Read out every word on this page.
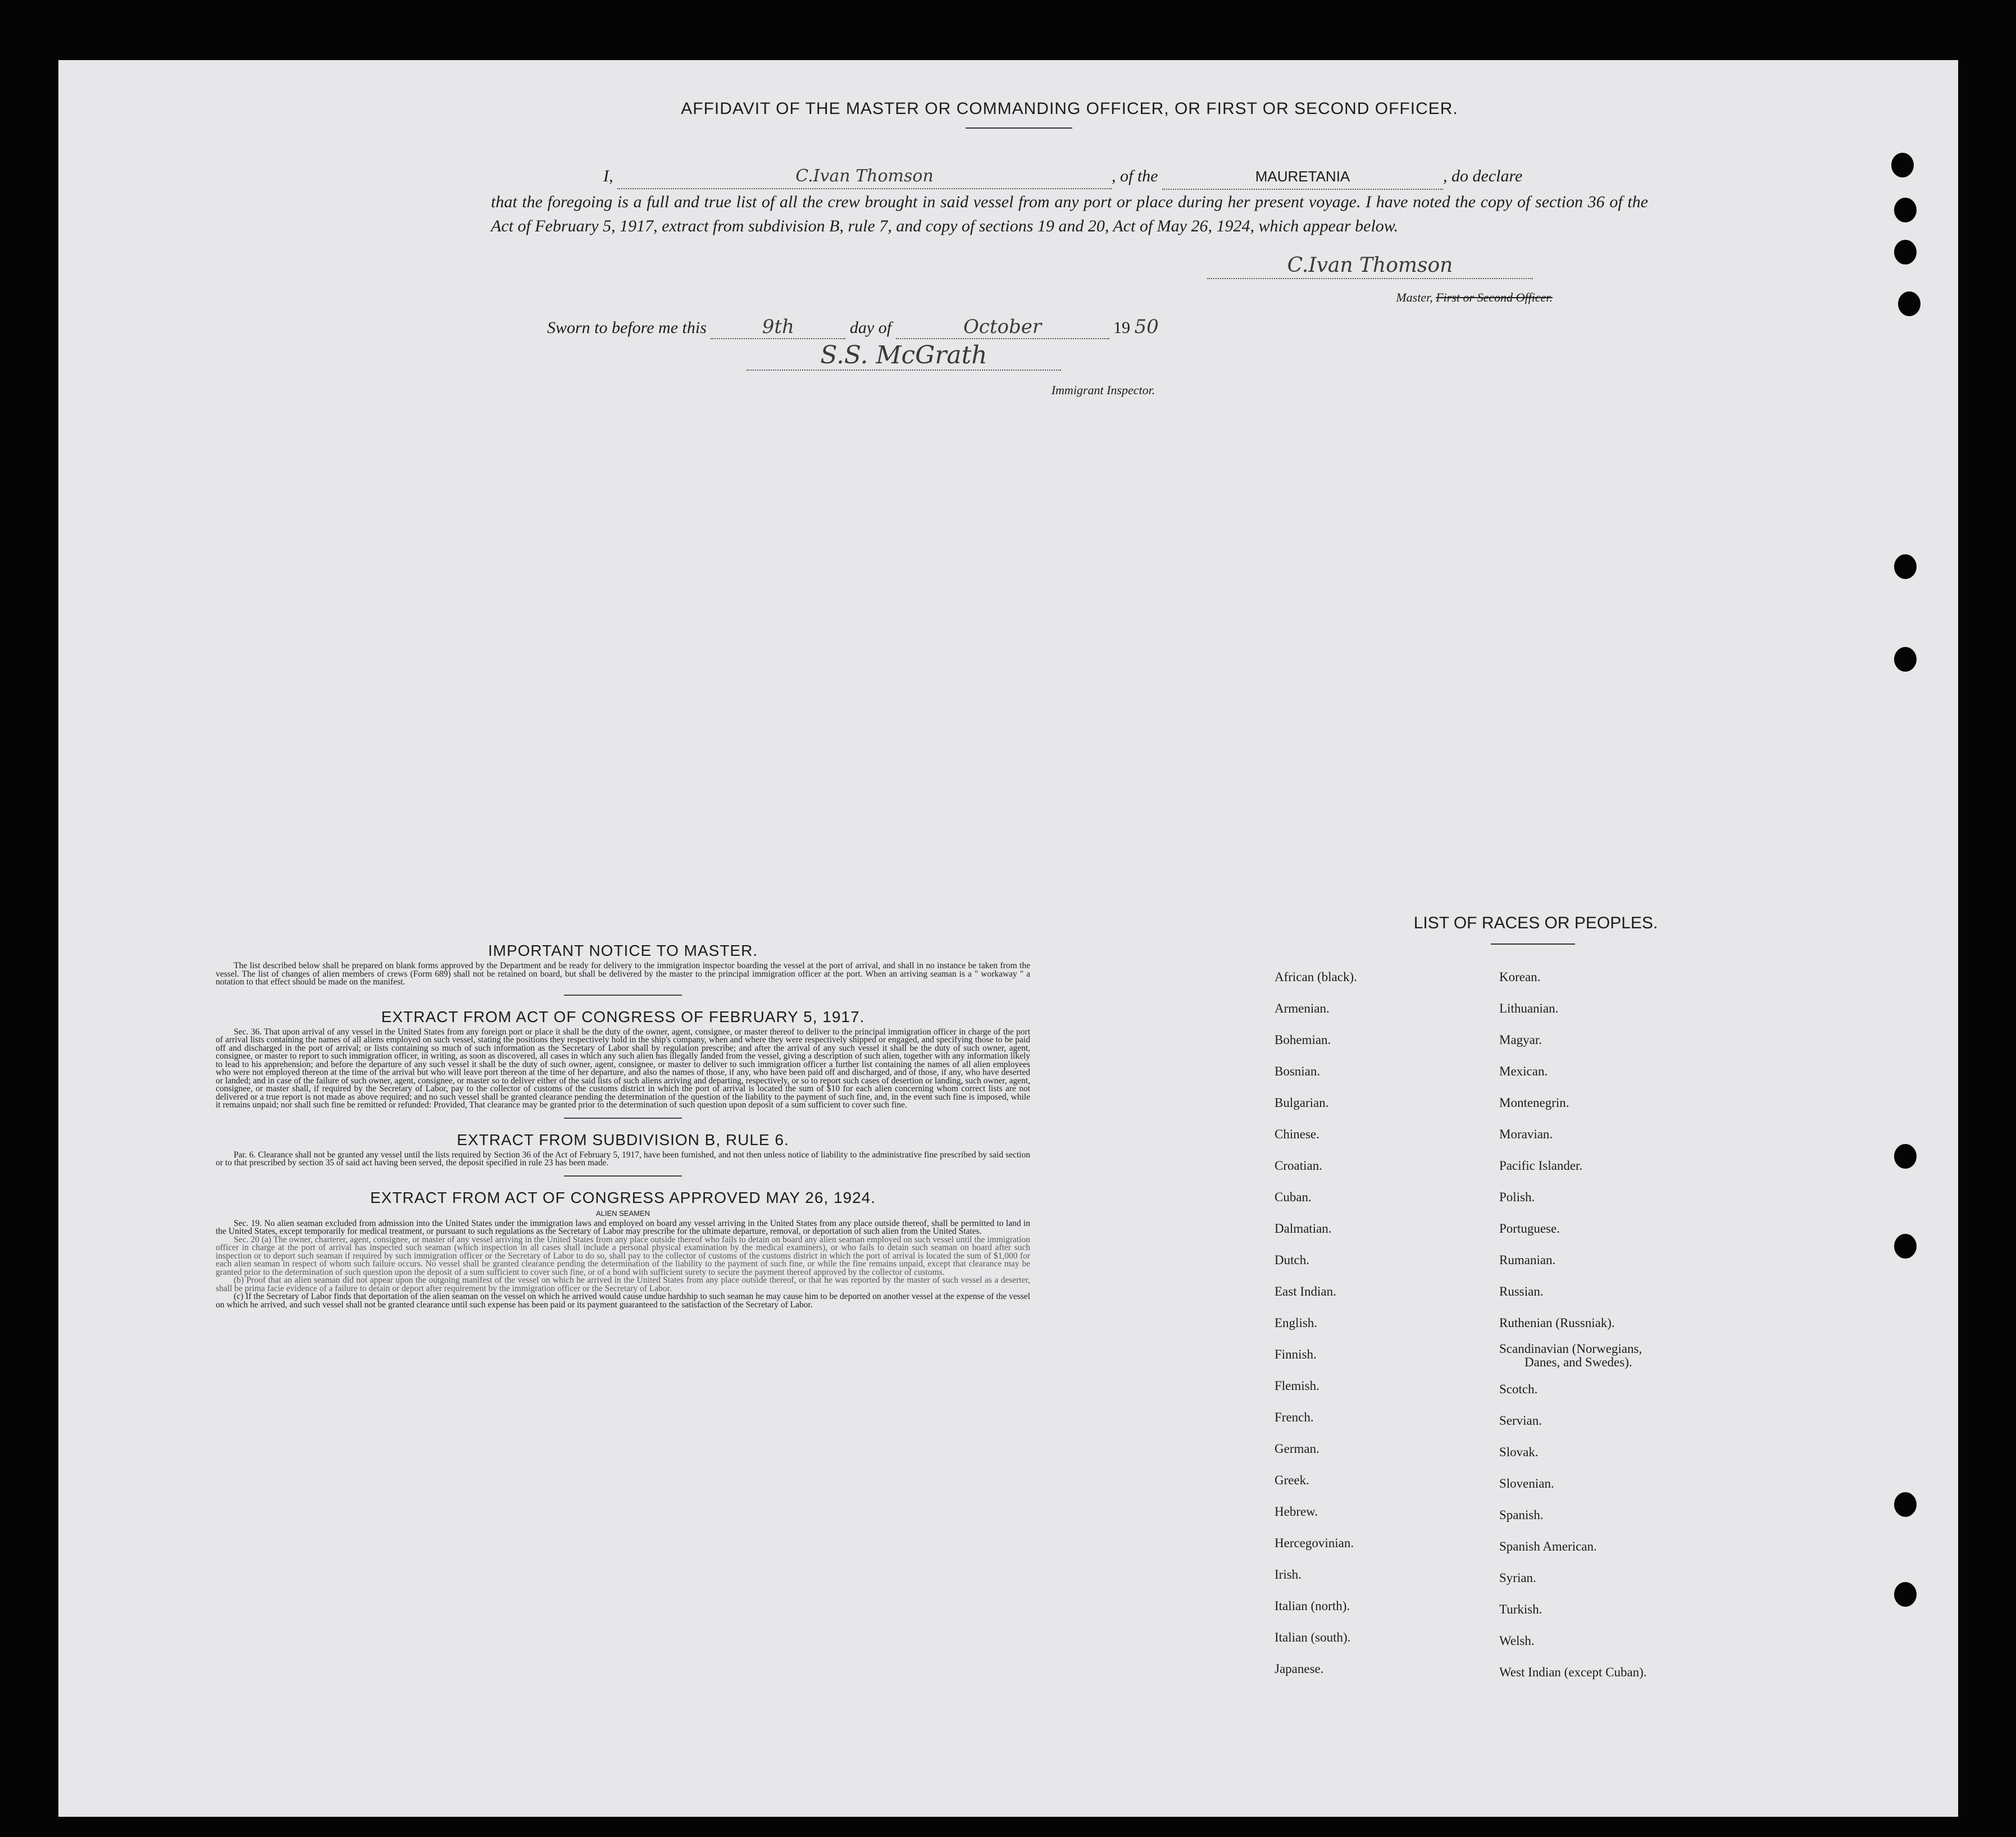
AFFIDAVIT OF THE MASTER OR COMMANDING OFFICER, OR FIRST OR SECOND OFFICER.

I,	C.Ivan Thomson	, of the	MAURETANIA	, do declare

that the foregoing is a full and true list of all the crew brought in said vessel from any port or place during her present voyage. I have noted the copy of section 36 of the Act of February 5, 1917, extract from subdivision B, rule 7, and copy of sections 19 and 20, Act of May 26, 1924, which appear below.

C.Ivan Thomson
Master, First or Second Officer.
Sworn to before me this	9th	day of	October	19 50
S.S. McGrath
Immigrant Inspector.
IMPORTANT NOTICE TO MASTER.

The list described below shall be prepared on blank forms approved by the Department and be ready for delivery to the immigration inspector boarding the vessel at the port of arrival, and shall in no instance be taken from the vessel. The list of changes of alien members of crews (Form 689) shall not be retained on board, but shall be delivered by the master to the principal immigration officer at the port. When an arriving seaman is a " workaway " a notation to that effect should be made on the manifest.

EXTRACT FROM ACT OF CONGRESS OF FEBRUARY 5, 1917.

Sec. 36. That upon arrival of any vessel in the United States from any foreign port or place it shall be the duty of the owner, agent, consignee, or master thereof to deliver to the principal immigration officer in charge of the port of arrival lists containing the names of all aliens employed on such vessel, stating the positions they respectively hold in the ship's company, when and where they were respectively shipped or engaged, and specifying those to be paid off and discharged in the port of arrival; or lists containing so much of such information as the Secretary of Labor shall by regulation prescribe; and after the arrival of any such vessel it shall be the duty of such owner, agent, consignee, or master to report to such immigration officer, in writing, as soon as discovered, all cases in which any such alien has illegally landed from the vessel, giving a description of such alien, together with any information likely to lead to his apprehension; and before the departure of any such vessel it shall be the duty of such owner, agent, consignee, or master to deliver to such immigration officer a further list containing the names of all alien employees who were not employed thereon at the time of the arrival but who will leave port thereon at the time of her departure, and also the names of those, if any, who have been paid off and discharged, and of those, if any, who have deserted or landed; and in case of the failure of such owner, agent, consignee, or master so to deliver either of the said lists of such aliens arriving and departing, respectively, or so to report such cases of desertion or landing, such owner, agent, consignee, or master shall, if required by the Secretary of Labor, pay to the collector of customs of the customs district in which the port of arrival is located the sum of $10 for each alien concerning whom correct lists are not delivered or a true report is not made as above required; and no such vessel shall be granted clearance pending the determination of the question of the liability to the payment of such fine, and, in the event such fine is imposed, while it remains unpaid; nor shall such fine be remitted or refunded: Provided, That clearance may be granted prior to the determination of such question upon deposit of a sum sufficient to cover such fine.

EXTRACT FROM SUBDIVISION B, RULE 6.

Par. 6. Clearance shall not be granted any vessel until the lists required by Section 36 of the Act of February 5, 1917, have been furnished, and not then unless notice of liability to the administrative fine prescribed by said section or to that prescribed by section 35 of said act having been served, the deposit specified in rule 23 has been made.

EXTRACT FROM ACT OF CONGRESS APPROVED MAY 26, 1924.
ALIEN SEAMEN

Sec. 19. No alien seaman excluded from admission into the United States under the immigration laws and employed on board any vessel arriving in the United States from any place outside thereof, shall be permitted to land in the United States, except temporarily for medical treatment, or pursuant to such regulations as the Secretary of Labor may prescribe for the ultimate departure, removal, or deportation of such alien from the United States.

Sec. 20 (a) The owner, charterer, agent, consignee, or master of any vessel arriving in the United States from any place outside thereof who fails to detain on board any alien seaman employed on such vessel until the immigration officer in charge at the port of arrival has inspected such seaman (which inspection in all cases shall include a personal physical examination by the medical examiners), or who fails to detain such seaman on board after such inspection or to deport such seaman if required by such immigration officer or the Secretary of Labor to do so, shall pay to the collector of customs of the customs district in which the port of arrival is located the sum of $1,000 for each alien seaman in respect of whom such failure occurs. No vessel shall be granted clearance pending the determination of the liability to the payment of such fine, or while the fine remains unpaid, except that clearance may be granted prior to the determination of such question upon the deposit of a sum sufficient to cover such fine, or of a bond with sufficient surety to secure the payment thereof approved by the collector of customs.

(b) Proof that an alien seaman did not appear upon the outgoing manifest of the vessel on which he arrived in the United States from any place outside thereof, or that he was reported by the master of such vessel as a deserter, shall be prima facie evidence of a failure to detain or deport after requirement by the immigration officer or the Secretary of Labor.

(c) If the Secretary of Labor finds that deportation of the alien seaman on the vessel on which he arrived would cause undue hardship to such seaman he may cause him to be deported on another vessel at the expense of the vessel on which he arrived, and such vessel shall not be granted clearance until such expense has been paid or its payment guaranteed to the satisfaction of the Secretary of Labor.

LIST OF RACES OR PEOPLES.
African (black).
Armenian.
Bohemian.
Bosnian.
Bulgarian.
Chinese.
Croatian.
Cuban.
Dalmatian.
Dutch.
East Indian.
English.
Finnish.
Flemish.
French.
German.
Greek.
Hebrew.
Hercegovinian.
Irish.
Italian (north).
Italian (south).
Japanese.
Korean.
Lithuanian.
Magyar.
Mexican.
Montenegrin.
Moravian.
Pacific Islander.
Polish.
Portuguese.
Rumanian.
Russian.
Ruthenian (Russniak).
Scandinavian (Norwegians,
Danes, and Swedes).
Scotch.
Servian.
Slovak.
Slovenian.
Spanish.
Spanish American.
Syrian.
Turkish.
Welsh.
West Indian (except Cuban).
